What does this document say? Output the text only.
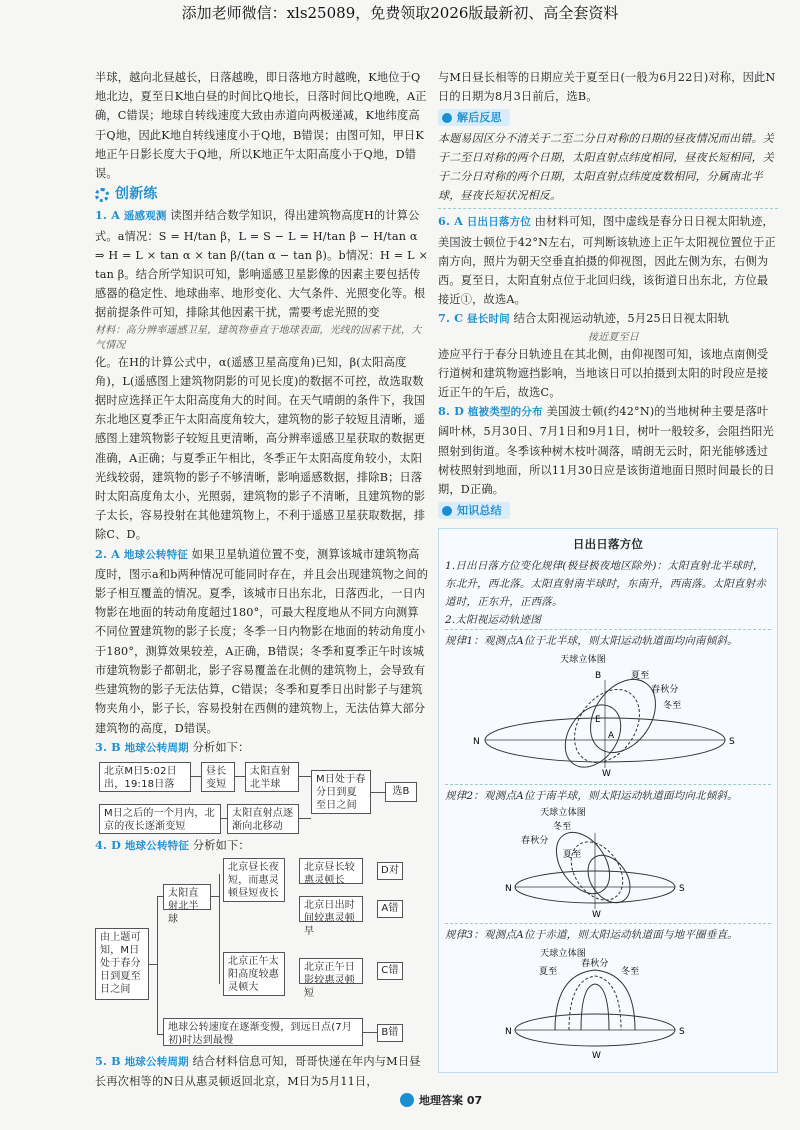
添加老师微信：xls25089，免费领取2026版最新初、高全套资料

半球，越向北昼越长，日落越晚，即日落地方时越晚，K地位于Q地北边，夏至日K地白昼的时间比Q地长，日落时间比Q地晚，A正确，C错误；地球自转线速度大致由赤道向两极递减，K地纬度高于Q地，因此K地自转线速度小于Q地，B错误；由图可知，甲日K地正午日影长度大于Q地，所以K地正午太阳高度小于Q地，D错误。

创新练

1. A 遥感观测 读图并结合数学知识，得出建筑物高度H的计算公式。a情况：S = H/tan β，L = S − L = H/tan β − H/tan α ⇒ H = L × tan α × tan β/(tan α − tan β)。b情况：H = L × tan β。结合所学知识可知，影响遥感卫星影像的因素主要包括传感器的稳定性、地球曲率、地形变化、大气条件、光照变化等。根据前提条件可知，排除其他因素干扰，需要考虑光照的变

材料：高分辨率遥感卫星，建筑物垂直于地球表面，光线的因素干扰，大气情况

化。在H的计算公式中，α(遥感卫星高度角)已知，β(太阳高度角)，L(遥感图上建筑物阴影的可见长度)的数据不可控，故选取数据时应选择正午太阳高度角大的时间。在天气晴朗的条件下，我国东北地区夏季正午太阳高度角较大，建筑物的影子较短且清晰，遥感图上建筑物影子较短且更清晰，高分辨率遥感卫星获取的数据更准确，A正确；与夏季正午相比，冬季正午太阳高度角较小，太阳光线较弱，建筑物的影子不够清晰，影响遥感数据，排除B；日落时太阳高度角太小，光照弱，建筑物的影子不清晰，且建筑物的影子太长，容易投射在其他建筑物上，不利于遥感卫星获取数据，排除C、D。

2. A 地球公转特征 如果卫星轨道位置不变，测算该城市建筑物高度时，图示a和b两种情况可能同时存在，并且会出现建筑物之间的影子相互覆盖的情况。夏季，该城市日出东北，日落西北，一日内物影在地面的转动角度超过180°，可最大程度地从不同方向测算不同位置建筑物的影子长度；冬季一日内物影在地面的转动角度小于180°，测算效果较差，A正确，B错误；冬季和夏季正午时该城市建筑物影子都朝北，影子容易覆盖在北侧的建筑物上，会导致有些建筑物的影子无法估算，C错误；冬季和夏季日出时影子与建筑物夹角小，影子长，容易投射在西侧的建筑物上，无法估算大部分建筑物的高度，D错误。

3. B 地球公转周期 分析如下：

北京M日5:02日出，19:18日落
昼长变短
太阳直射北半球	M日处于春分日到夏至日之间
M日之后的一个月内，北京的夜长逐渐变短
太阳直射点逐渐向北移动
选B

4. D 地球公转特征 分析如下：

由上题可知，M日处于春分日到夏至日之间
太阳直射北半球
北京昼长夜短，而惠灵顿昼短夜长
北京昼长较惠灵顿长
D对
北京日出时间较惠灵顿早
A错
北京正午太阳高度较惠灵顿大
北京正午日影较惠灵顿短
C错
地球公转速度在逐渐变慢，到远日点(7月初)时达到最慢
B错

5. B 地球公转周期 结合材料信息可知，哥哥快递在年内与M日昼长再次相等的N日从惠灵顿返回北京，M日为5月11日，

与M日昼长相等的日期应关于夏至日(一般为6月22日)对称，因此N日的日期为8月3日前后，选B。

解后反思

本题易因区分不清关于二至二分日对称的日期的昼夜情况而出错。关于二至日对称的两个日期，太阳直射点纬度相同，昼夜长短相同，关于二分日对称的两个日期，太阳直射点纬度度数相同，分属南北半球，昼夜长短状况相反。

6. A 日出日落方位 由材料可知，图中虚线是春分日日视太阳轨迹，美国波士顿位于42°N左右，可判断该轨迹上正午太阳视位置位于正南方向，照片为朝天空垂直拍摄的仰视图，因此左侧为东，右侧为西。夏至日，太阳直射点位于北回归线，该街道日出东北，方位最接近①，故选A。

7. C 昼长时间 结合太阳视运动轨迹，5月25日日视太阳轨

接近夏至日

迹应平行于春分日轨迹且在其北侧，由仰视图可知，该地点南侧受行道树和建筑物遮挡影响，当地该日可以拍摄到太阳的时段应是接近正午的午后，故选C。

8. D 植被类型的分布 美国波士顿(约42°N)的当地树种主要是落叶阔叶林，5月30日、7月1日和9月1日，树叶一般较多，会阻挡阳光照射到街道。冬季该种树木枝叶凋落，晴朗无云时，阳光能够透过树枝照射到地面，所以11月30日应是该街道地面日照时间最长的日期，D正确。

知识总结
日出日落方位

1.日出日落方位变化规律(极昼极夜地区除外)：太阳直射北半球时，东北升，西北落。太阳直射南半球时，东南升，西南落。太阳直射赤道时，正东升，正西落。

2.太阳视运动轨迹图

规律1：观测点A位于北半球，则太阳运动轨道面均向南倾斜。
天球立体图
B	夏至
春秋分
冬至
E
A
N	S
W
规律2：观测点A位于南半球，则太阳运动轨道面均向北倾斜。
天球立体图
冬至
春秋分
夏至
N	S
W
规律3：观测点A位于赤道，则太阳运动轨道面与地平圈垂直。
天球立体图
夏至
春秋分
冬至
N	S
W
地理答案 07
